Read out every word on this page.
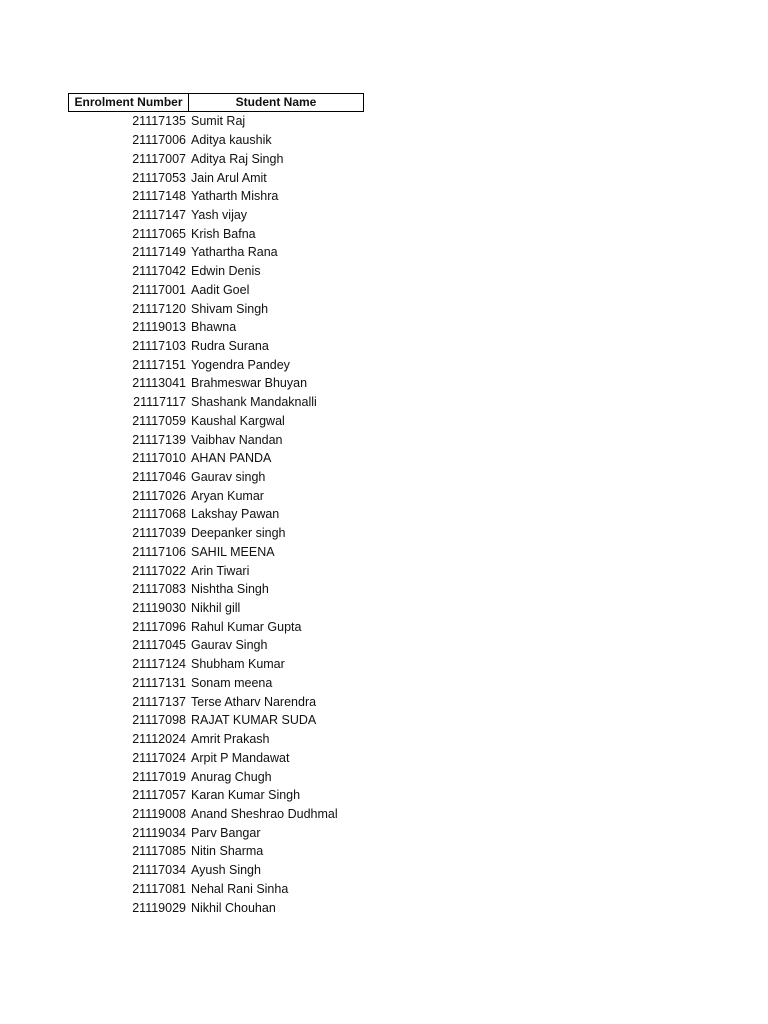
Enrolment Number	Student Name
21117135 Sumit Raj
21117006 Aditya kaushik
21117007 Aditya Raj Singh
21117053 Jain Arul Amit
21117148 Yatharth Mishra
21117147 Yash vijay
21117065 Krish Bafna
21117149 Yathartha Rana
21117042 Edwin Denis
21117001 Aadit Goel
21117120 Shivam Singh
21119013 Bhawna
21117103 Rudra Surana
21117151 Yogendra Pandey
21113041 Brahmeswar Bhuyan
21117117 Shashank Mandaknalli
21117059 Kaushal Kargwal
21117139 Vaibhav Nandan
21117010 AHAN PANDA
21117046 Gaurav singh
21117026 Aryan Kumar
21117068 Lakshay Pawan
21117039 Deepanker singh
21117106 SAHIL MEENA
21117022 Arin Tiwari
21117083 Nishtha Singh
21119030 Nikhil gill
21117096 Rahul Kumar Gupta
21117045 Gaurav Singh
21117124 Shubham Kumar
21117131 Sonam meena
21117137 Terse Atharv Narendra
21117098 RAJAT KUMAR SUDA
21112024 Amrit Prakash
21117024 Arpit P Mandawat
21117019 Anurag Chugh
21117057 Karan Kumar Singh
21119008 Anand Sheshrao Dudhmal
21119034 Parv Bangar
21117085 Nitin Sharma
21117034 Ayush Singh
21117081 Nehal Rani Sinha
21119029 Nikhil Chouhan
